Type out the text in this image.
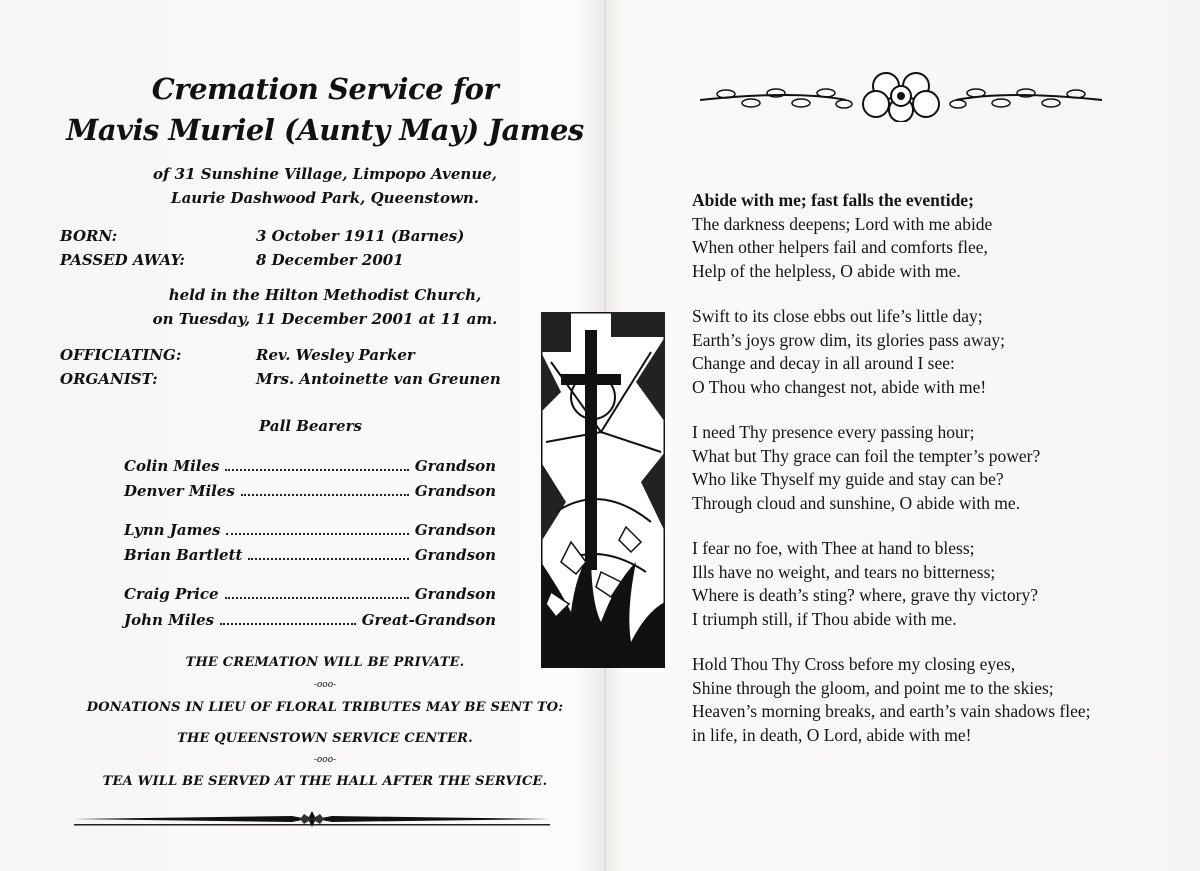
Cremation Service for
Mavis Muriel (Aunty May) James
of 31 Sunshine Village, Limpopo Avenue,
Laurie Dashwood Park, Queenstown.
BORN:	3 October 1911 (Barnes)
PASSED AWAY:	8 December 2001
held in the Hilton Methodist Church,
on Tuesday, 11 December 2001 at 11 am.
OFFICIATING:	Rev. Wesley Parker
ORGANIST:	Mrs. Antoinette van Greunen
Pall Bearers
Colin Miles	Grandson
Denver Miles	Grandson
Lynn James	Grandson
Brian Bartlett	Grandson
Craig Price	Grandson
John Miles	Great-Grandson
THE CREMATION WILL BE PRIVATE.
-ooo-
DONATIONS IN LIEU OF FLORAL TRIBUTES MAY BE SENT TO:
THE QUEENSTOWN SERVICE CENTER.
-ooo-
TEA WILL BE SERVED AT THE HALL AFTER THE SERVICE.
Abide with me; fast falls the eventide;
The darkness deepens; Lord with me abide
When other helpers fail and comforts flee,
Help of the helpless, O abide with me.
Swift to its close ebbs out life’s little day;
Earth’s joys grow dim, its glories pass away;
Change and decay in all around I see:
O Thou who changest not, abide with me!
I need Thy presence every passing hour;
What but Thy grace can foil the tempter’s power?
Who like Thyself my guide and stay can be?
Through cloud and sunshine, O abide with me.
I fear no foe, with Thee at hand to bless;
Ills have no weight, and tears no bitterness;
Where is death’s sting? where, grave thy victory?
I triumph still, if Thou abide with me.
Hold Thou Thy Cross before my closing eyes,
Shine through the gloom, and point me to the skies;
Heaven’s morning breaks, and earth’s vain shadows flee;
in life, in death, O Lord, abide with me!
